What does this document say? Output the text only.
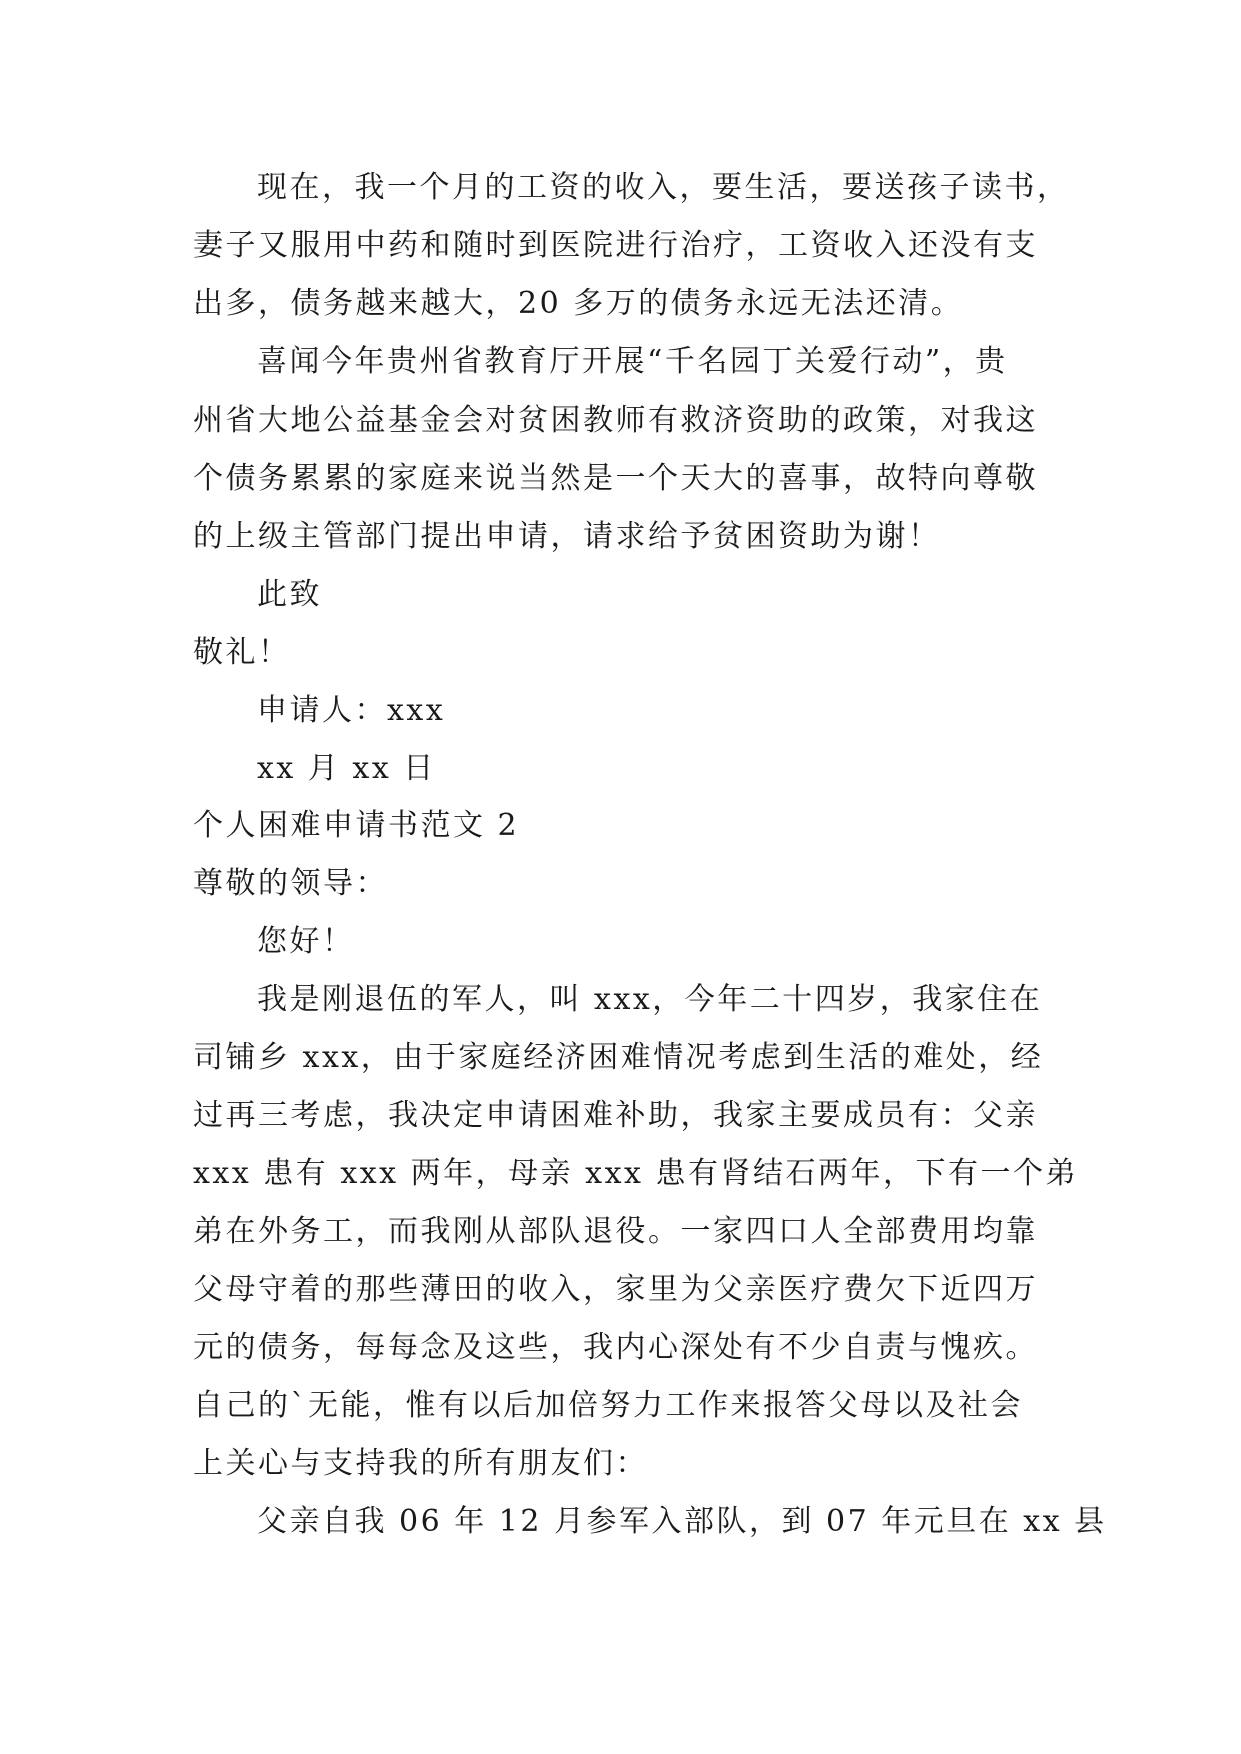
现在，我一个月的工资的收入，要生活，要送孩子读书，
妻子又服用中药和随时到医院进行治疗，工资收入还没有支
出多，债务越来越大，20 多万的债务永远无法还清。
喜闻今年贵州省教育厅开展“千名园丁关爱行动”，贵
州省大地公益基金会对贫困教师有救济资助的政策，对我这
个债务累累的家庭来说当然是一个天大的喜事，故特向尊敬
的上级主管部门提出申请，请求给予贫困资助为谢！
此致
敬礼！
申请人：xxx
xx 月 xx 日
个人困难申请书范文 2
尊敬的领导：
您好！
我是刚退伍的军人，叫 xxx，今年二十四岁，我家住在
司铺乡 xxx，由于家庭经济困难情况考虑到生活的难处，经
过再三考虑，我决定申请困难补助，我家主要成员有：父亲
xxx 患有 xxx 两年，母亲 xxx 患有肾结石两年，下有一个弟
弟在外务工，而我刚从部队退役。一家四口人全部费用均靠
父母守着的那些薄田的收入，家里为父亲医疗费欠下近四万
元的债务，每每念及这些，我内心深处有不少自责与愧疚。
自己的`无能，惟有以后加倍努力工作来报答父母以及社会
上关心与支持我的所有朋友们：
父亲自我 06 年 12 月参军入部队，到 07 年元旦在 xx 县
